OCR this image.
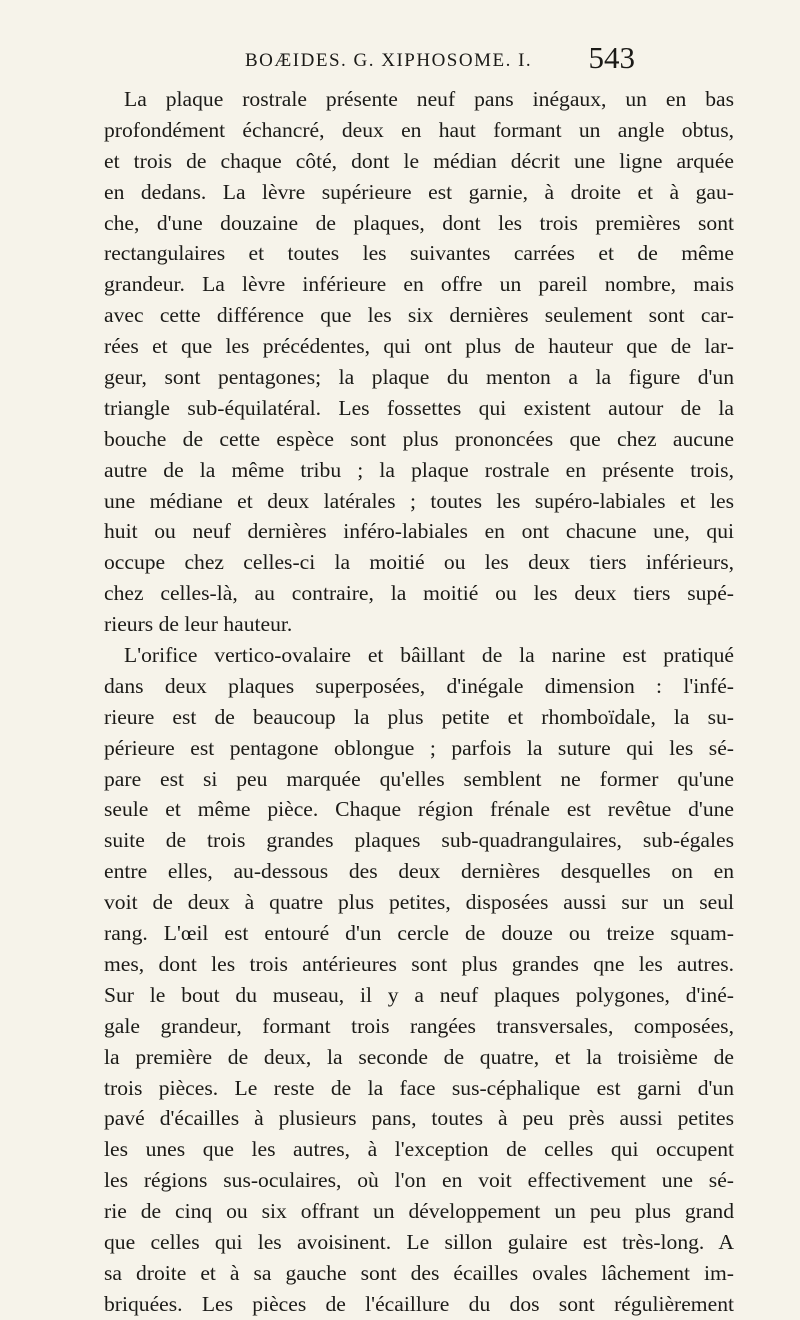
BOÆIDES. G. XIPHOSOME. I. 543
La plaque rostrale présente neuf pans inégaux, un en bas
profondément échancré, deux en haut formant un angle obtus,
et trois de chaque côté, dont le médian décrit une ligne arquée
en dedans. La lèvre supérieure est garnie, à droite et à gau-
che, d'une douzaine de plaques, dont les trois premières sont
rectangulaires et toutes les suivantes carrées et de même
grandeur. La lèvre inférieure en offre un pareil nombre, mais
avec cette différence que les six dernières seulement sont car-
rées et que les précédentes, qui ont plus de hauteur que de lar-
geur, sont pentagones; la plaque du menton a la figure d'un
triangle sub-équilatéral. Les fossettes qui existent autour de la
bouche de cette espèce sont plus prononcées que chez aucune
autre de la même tribu ; la plaque rostrale en présente trois,
une médiane et deux latérales ; toutes les supéro-labiales et les
huit ou neuf dernières inféro-labiales en ont chacune une, qui
occupe chez celles-ci la moitié ou les deux tiers inférieurs,
chez celles-là, au contraire, la moitié ou les deux tiers supé-
rieurs de leur hauteur.
L'orifice vertico-ovalaire et bâillant de la narine est pratiqué
dans deux plaques superposées, d'inégale dimension : l'infé-
rieure est de beaucoup la plus petite et rhomboïdale, la su-
périeure est pentagone oblongue ; parfois la suture qui les sé-
pare est si peu marquée qu'elles semblent ne former qu'une
seule et même pièce. Chaque région frénale est revêtue d'une
suite de trois grandes plaques sub-quadrangulaires, sub-égales
entre elles, au-dessous des deux dernières desquelles on en
voit de deux à quatre plus petites, disposées aussi sur un seul
rang. L'œil est entouré d'un cercle de douze ou treize squam-
mes, dont les trois antérieures sont plus grandes qne les autres.
Sur le bout du museau, il y a neuf plaques polygones, d'iné-
gale grandeur, formant trois rangées transversales, composées,
la première de deux, la seconde de quatre, et la troisième de
trois pièces. Le reste de la face sus-céphalique est garni d'un
pavé d'écailles à plusieurs pans, toutes à peu près aussi petites
les unes que les autres, à l'exception de celles qui occupent
les régions sus-oculaires, où l'on en voit effectivement une sé-
rie de cinq ou six offrant un développement un peu plus grand
que celles qui les avoisinent. Le sillon gulaire est très-long. A
sa droite et à sa gauche sont des écailles ovales lâchement im-
briquées. Les pièces de l'écaillure du dos sont régulièrement
